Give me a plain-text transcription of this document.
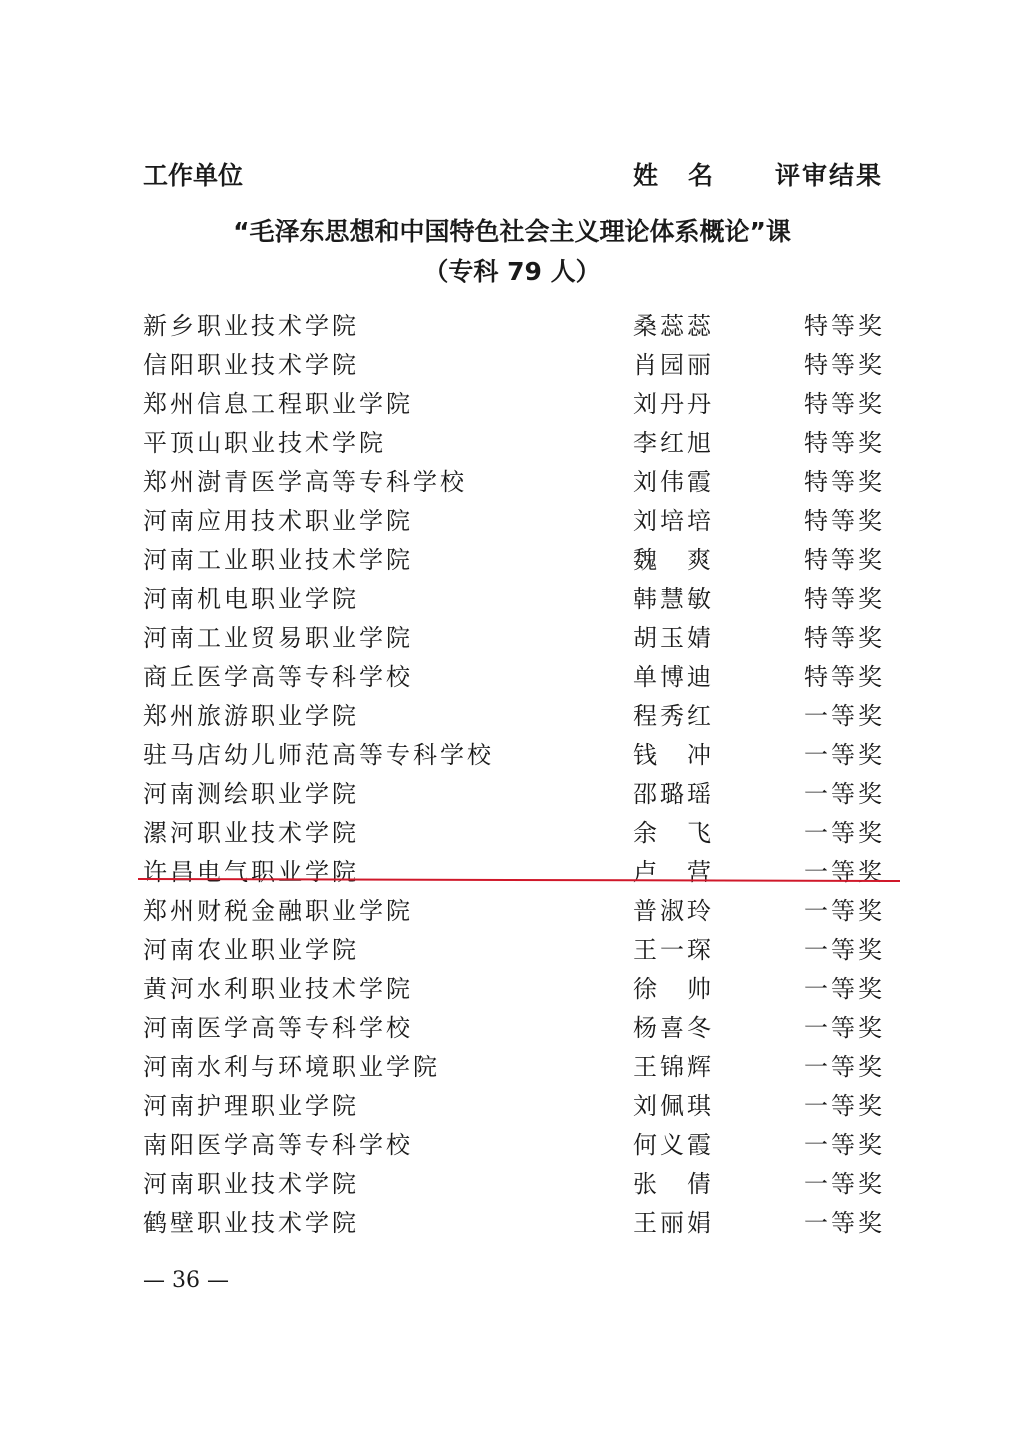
工作单位	姓名 评审结果
“毛泽东思想和中国特色社会主义理论体系概论”课
（专科 79 人）
新乡职业技术学院	桑蕊蕊	特等奖
信阳职业技术学院	肖园丽	特等奖
郑州信息工程职业学院	刘丹丹	特等奖
平顶山职业技术学院	李红旭	特等奖
郑州澍青医学高等专科学校	刘伟霞	特等奖
河南应用技术职业学院	刘培培	特等奖
河南工业职业技术学院	魏　爽	特等奖
河南机电职业学院	韩慧敏	特等奖
河南工业贸易职业学院	胡玉婧	特等奖
商丘医学高等专科学校	单博迪	特等奖
郑州旅游职业学院	程秀红	一等奖
驻马店幼儿师范高等专科学校	钱　冲	一等奖
河南测绘职业学院	邵璐瑶	一等奖
漯河职业技术学院	余　飞	一等奖
许昌电气职业学院	卢　营	一等奖
郑州财税金融职业学院	普淑玲	一等奖
河南农业职业学院	王一琛	一等奖
黄河水利职业技术学院	徐　帅	一等奖
河南医学高等专科学校	杨喜冬	一等奖
河南水利与环境职业学院	王锦辉	一等奖
河南护理职业学院	刘佩琪	一等奖
南阳医学高等专科学校	何义霞	一等奖
河南职业技术学院	张　倩	一等奖
鹤壁职业技术学院	王丽娟	一等奖
— 36 —
